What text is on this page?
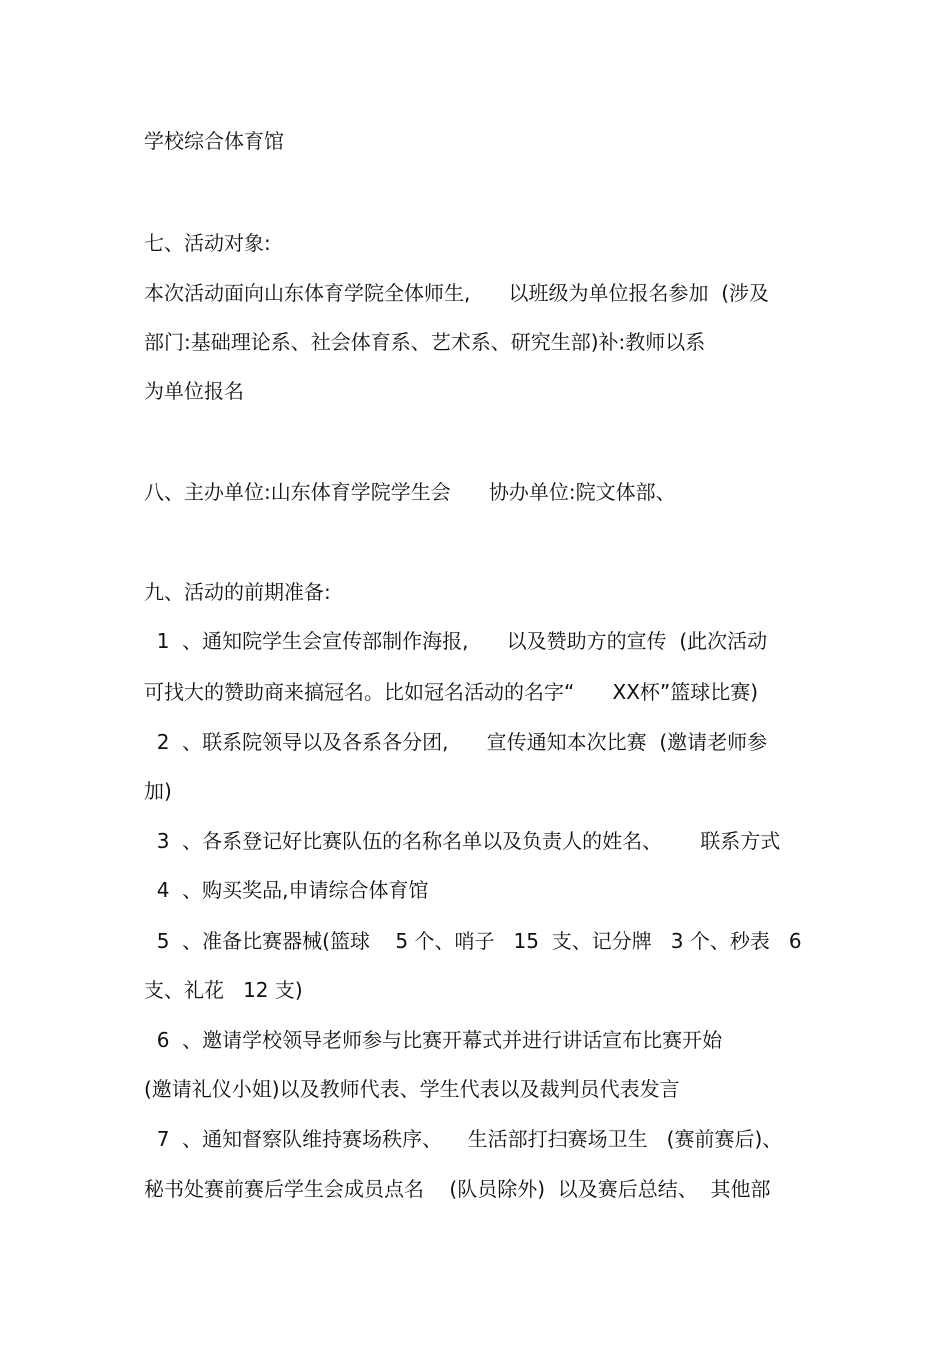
学校综合体育馆
七、活动对象:
本次活动面向山东体育学院全体师生,      以班级为单位报名参加  (涉及
部门:基础理论系、社会体育系、艺术系、研究生部)补:教师以系
为单位报名
八、主办单位:山东体育学院学生会      协办单位:院文体部、
九、活动的前期准备:
1  、通知院学生会宣传部制作海报,      以及赞助方的宣传  (此次活动
可找大的赞助商来搞冠名。比如冠名活动的名字“      XX杯”篮球比赛)
2  、联系院领导以及各系各分团,      宣传通知本次比赛  (邀请老师参
加)
3  、各系登记好比赛队伍的名称名单以及负责人的姓名、      联系方式
4  、购买奖品,申请综合体育馆
5  、准备比赛器械(篮球    5 个、哨子   15  支、记分牌   3 个、秒表   6
支、礼花   12 支)
6  、邀请学校领导老师参与比赛开幕式并进行讲话宣布比赛开始
(邀请礼仪小姐)以及教师代表、学生代表以及裁判员代表发言
7  、通知督察队维持赛场秩序、    生活部打扫赛场卫生   (赛前赛后)、
秘书处赛前赛后学生会成员点名    (队员除外)  以及赛后总结、  其他部
